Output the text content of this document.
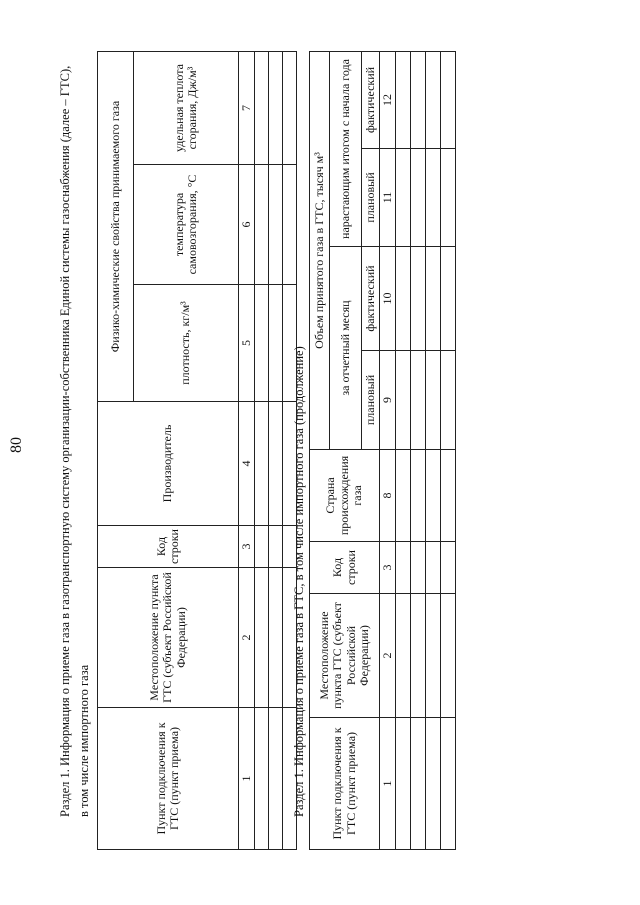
80	Раздел 1. Информация о приеме газа в газотранспортную систему организации-собственника Единой системы газоснабжения (далее – ГТС), в том числе импортного газа	Пункт подключения к ГТС (пункт приема)	Местоположение пункта ГТС (субъект Российской Федерации)	Код строки	Производитель	Физико-химические свойства принимаемого газа		
				плотность, кг/м³	температура самовозгорания, °С	удельная теплота сгорания, Дж/м³
1	2	3	4	5	6	7

Раздел 1. Информация о приеме газа в ГТС, в том числе импортного газа (продолжение) Пункт подключения к ГТС (пункт приема)	Местоположение пункта ГТС (субъект Российской Федерации)	Код строки	Страна происхождения газа	Объем принятого газа в ГТС, тысяч м³			
				за отчетный месяц		нарастающим итогом с начала года	
				плановый	фактический	плановый	фактический
1	2	3	8	9	10	11	12
